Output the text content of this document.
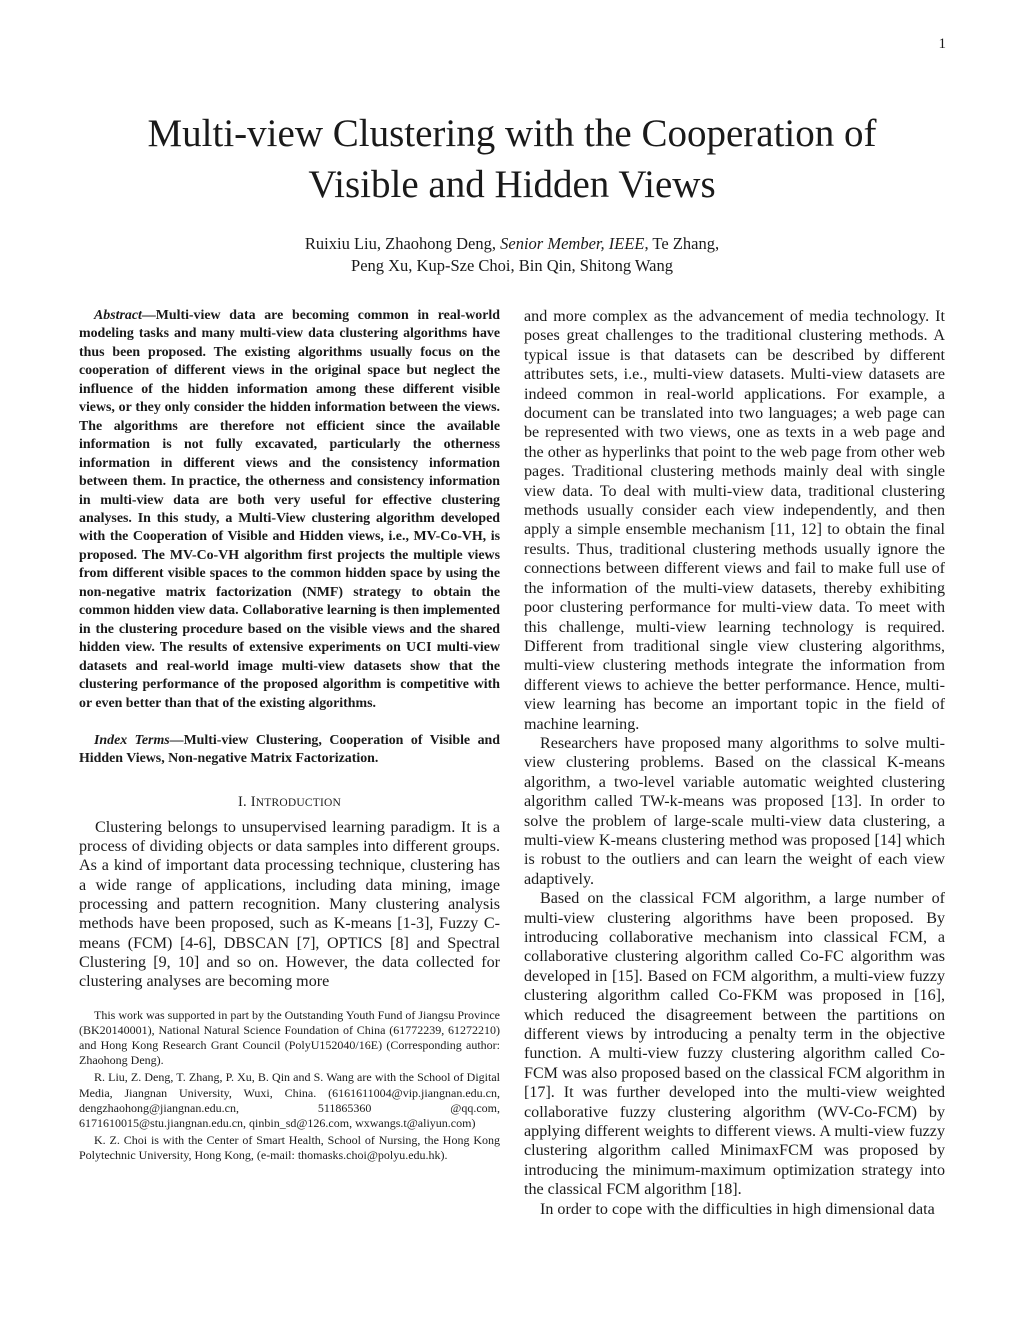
1
Multi-view Clustering with the Cooperation of
Visible and Hidden Views
Ruixiu Liu, Zhaohong Deng, Senior Member, IEEE, Te Zhang,
Peng Xu, Kup-Sze Choi, Bin Qin, Shitong Wang

Abstract—Multi-view data are becoming common in real-world modeling tasks and many multi-view data clustering algorithms have thus been proposed. The existing algorithms usually focus on the cooperation of different views in the original space but neglect the influence of the hidden information among these different visible views, or they only consider the hidden information between the views. The algorithms are therefore not efficient since the available information is not fully excavated, particularly the otherness information in different views and the consistency information between them. In practice, the otherness and consistency information in multi-view data are both very useful for effective clustering analyses. In this study, a Multi-View clustering algorithm developed with the Cooperation of Visible and Hidden views, i.e., MV-Co-VH, is proposed. The MV-Co-VH algorithm first projects the multiple views from different visible spaces to the common hidden space by using the non-negative matrix factorization (NMF) strategy to obtain the common hidden view data. Collaborative learning is then implemented in the clustering procedure based on the visible views and the shared hidden view. The results of extensive experiments on UCI multi-view datasets and real-world image multi-view datasets show that the clustering performance of the proposed algorithm is competitive with or even better than that of the existing algorithms.

Index Terms—Multi-view Clustering, Cooperation of Visible and Hidden Views, Non-negative Matrix Factorization.

I. INTRODUCTION

Clustering belongs to unsupervised learning paradigm. It is a process of dividing objects or data samples into different groups. As a kind of important data processing technique, clustering has a wide range of applications, including data mining, image processing and pattern recognition. Many clustering analysis methods have been proposed, such as K-means [1-3], Fuzzy C-means (FCM) [4-6], DBSCAN [7], OPTICS [8] and Spectral Clustering [9, 10] and so on. However, the data collected for clustering analyses are becoming more

This work was supported in part by the Outstanding Youth Fund of Jiangsu Province (BK20140001), National Natural Science Foundation of China (61772239, 61272210) and Hong Kong Research Grant Council (PolyU152040/16E) (Corresponding author: Zhaohong Deng).

R. Liu, Z. Deng, T. Zhang, P. Xu, B. Qin and S. Wang are with the School of Digital Media, Jiangnan University, Wuxi, China. (6161611004@vip.jiangnan.edu.cn, dengzhaohong@jiangnan.edu.cn, 511865360 @qq.com, 6171610015@stu.jiangnan.edu.cn, qinbin_sd@126.com, wxwangs.t@aliyun.com)

K. Z. Choi is with the Center of Smart Health, School of Nursing, the Hong Kong Polytechnic University, Hong Kong, (e-mail: thomasks.choi@polyu.edu.hk).

and more complex as the advancement of media technology. It poses great challenges to the traditional clustering methods. A typical issue is that datasets can be described by different attributes sets, i.e., multi-view datasets. Multi-view datasets are indeed common in real-world applications. For example, a document can be translated into two languages; a web page can be represented with two views, one as texts in a web page and the other as hyperlinks that point to the web page from other web pages. Traditional clustering methods mainly deal with single view data. To deal with multi-view data, traditional clustering methods usually consider each view independently, and then apply a simple ensemble mechanism [11, 12] to obtain the final results. Thus, traditional clustering methods usually ignore the connections between different views and fail to make full use of the information of the multi-view datasets, thereby exhibiting poor clustering performance for multi-view data. To meet with this challenge, multi-view learning technology is required. Different from traditional single view clustering algorithms, multi-view clustering methods integrate the information from different views to achieve the better performance. Hence, multi-view learning has become an important topic in the field of machine learning.

Researchers have proposed many algorithms to solve multi-view clustering problems. Based on the classical K-means algorithm, a two-level variable automatic weighted clustering algorithm called TW-k-means was proposed [13]. In order to solve the problem of large-scale multi-view data clustering, a multi-view K-means clustering method was proposed [14] which is robust to the outliers and can learn the weight of each view adaptively.

Based on the classical FCM algorithm, a large number of multi-view clustering algorithms have been proposed. By introducing collaborative mechanism into classical FCM, a collaborative clustering algorithm called Co-FC algorithm was developed in [15]. Based on FCM algorithm, a multi-view fuzzy clustering algorithm called Co-FKM was proposed in [16], which reduced the disagreement between the partitions on different views by introducing a penalty term in the objective function. A multi-view fuzzy clustering algorithm called Co-FCM was also proposed based on the classical FCM algorithm in [17]. It was further developed into the multi-view weighted collaborative fuzzy clustering algorithm (WV-Co-FCM) by applying different weights to different views. A multi-view fuzzy clustering algorithm called MinimaxFCM was proposed by introducing the minimum-maximum optimization strategy into the classical FCM algorithm [18].

In order to cope with the difficulties in high dimensional data
